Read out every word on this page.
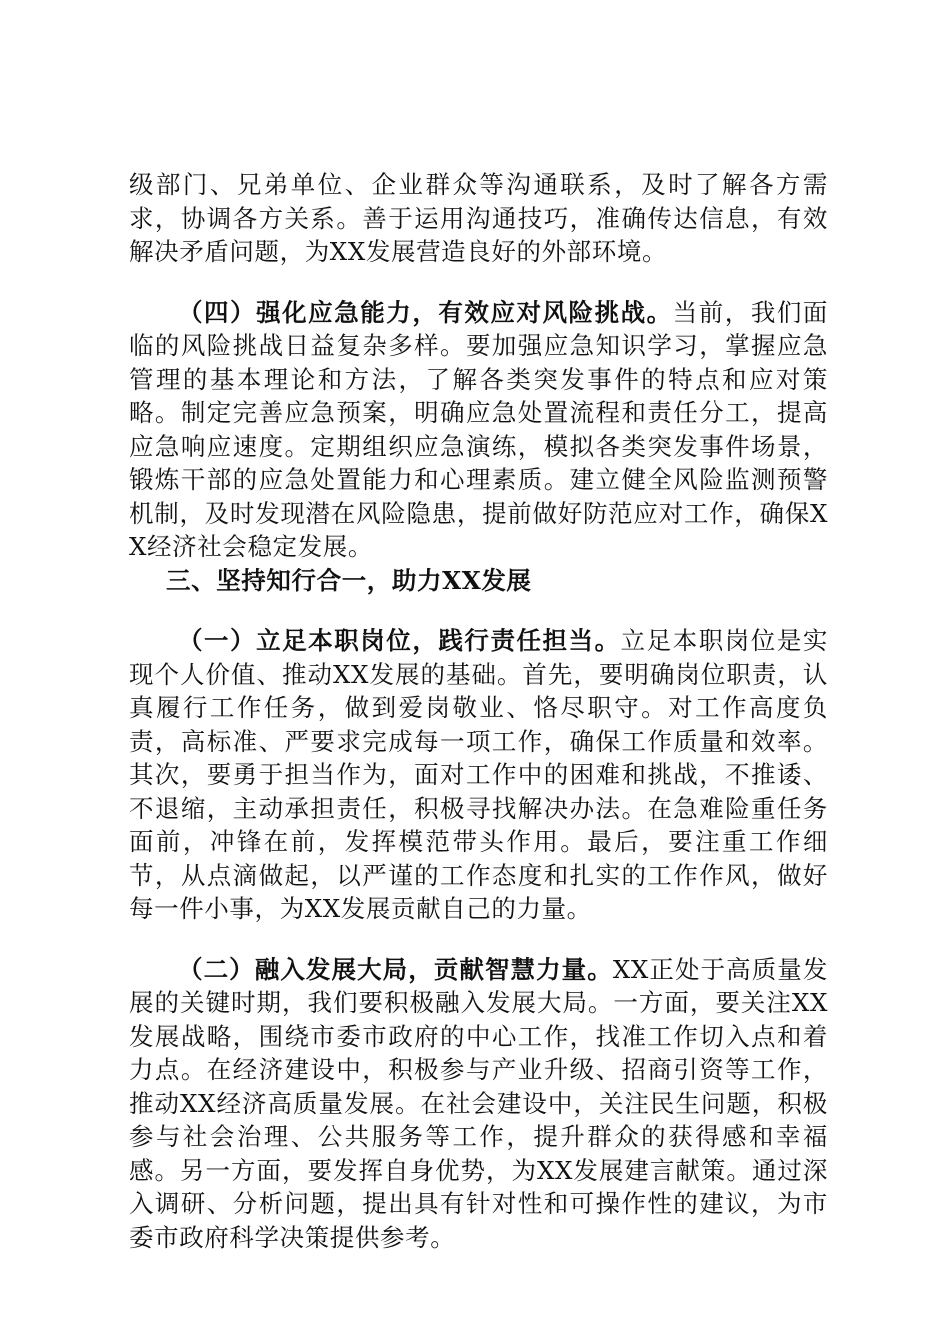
级部门、兄弟单位、企业群众等沟通联系，及时了解各方需求，协调各方关系。善于运用沟通技巧，准确传达信息，有效解决矛盾问题，为XX发展营造良好的外部环境。

（四）强化应急能力，有效应对风险挑战。当前，我们面临的风险挑战日益复杂多样。要加强应急知识学习，掌握应急管理的基本理论和方法，了解各类突发事件的特点和应对策略。制定完善应急预案，明确应急处置流程和责任分工，提高应急响应速度。定期组织应急演练，模拟各类突发事件场景，锻炼干部的应急处置能力和心理素质。建立健全风险监测预警机制，及时发现潜在风险隐患，提前做好防范应对工作，确保XX经济社会稳定发展。

三、坚持知行合一，助力XX发展

（一）立足本职岗位，践行责任担当。立足本职岗位是实现个人价值、推动XX发展的基础。首先，要明确岗位职责，认真履行工作任务，做到爱岗敬业、恪尽职守。对工作高度负责，高标准、严要求完成每一项工作，确保工作质量和效率。其次，要勇于担当作为，面对工作中的困难和挑战，不推诿、不退缩，主动承担责任，积极寻找解决办法。在急难险重任务面前，冲锋在前，发挥模范带头作用。最后，要注重工作细节，从点滴做起，以严谨的工作态度和扎实的工作作风，做好每一件小事，为XX发展贡献自己的力量。

（二）融入发展大局，贡献智慧力量。XX正处于高质量发展的关键时期，我们要积极融入发展大局。一方面，要关注XX发展战略，围绕市委市政府的中心工作，找准工作切入点和着力点。在经济建设中，积极参与产业升级、招商引资等工作，推动XX经济高质量发展。在社会建设中，关注民生问题，积极参与社会治理、公共服务等工作，提升群众的获得感和幸福感。另一方面，要发挥自身优势，为XX发展建言献策。通过深入调研、分析问题，提出具有针对性和可操作性的建议，为市委市政府科学决策提供参考。
